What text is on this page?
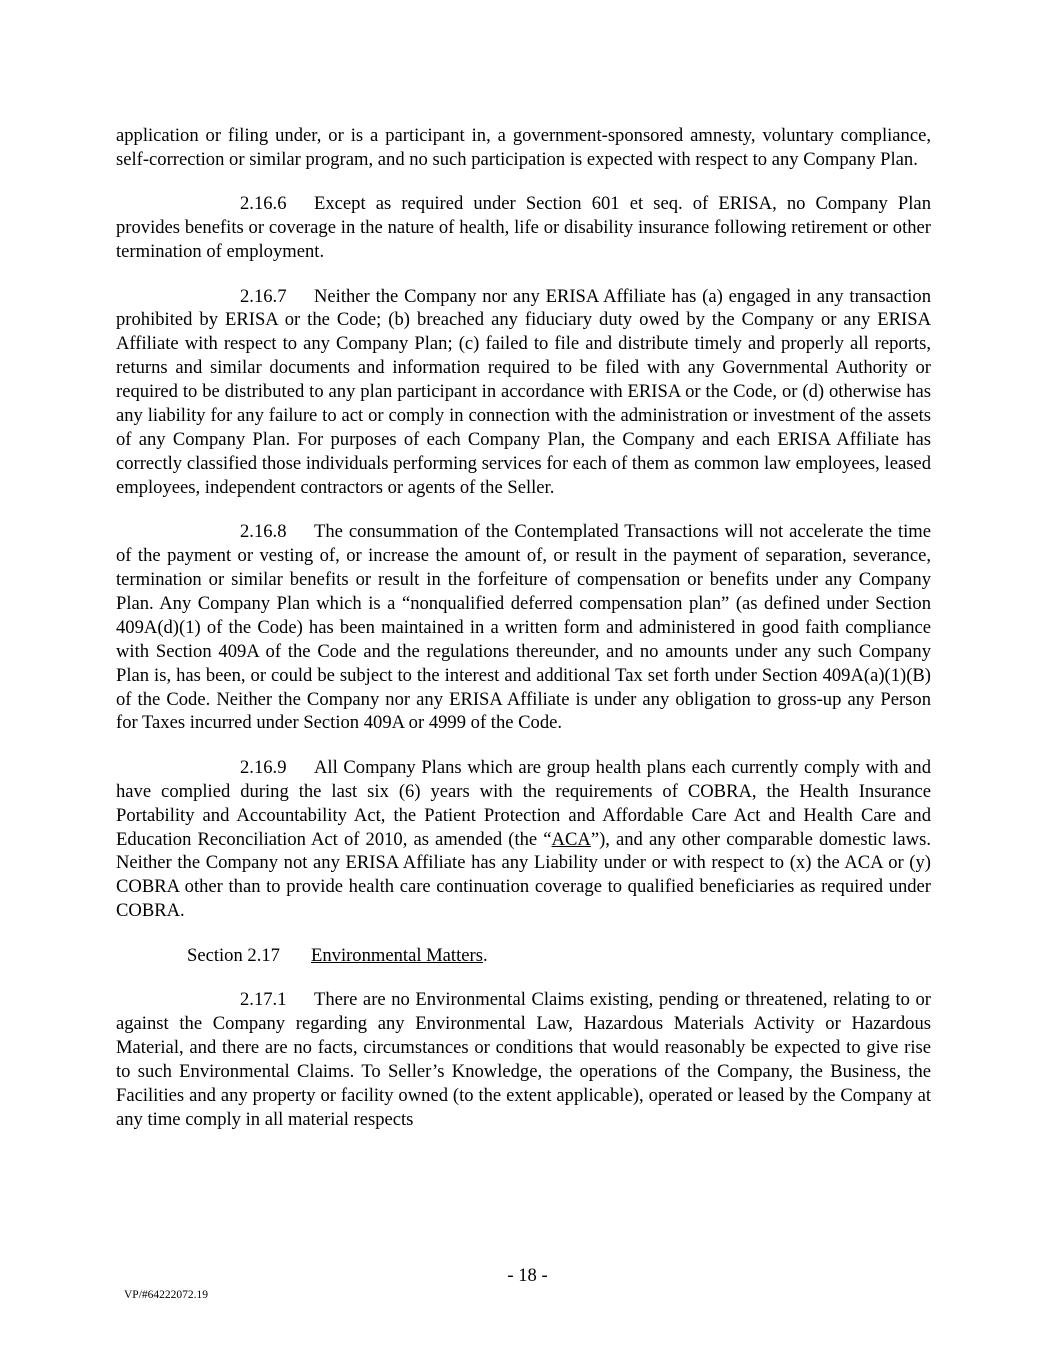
application or filing under, or is a participant in, a government-sponsored amnesty, voluntary compliance, self-correction or similar program, and no such participation is expected with respect to any Company Plan.

2.16.6 Except as required under Section 601 et seq. of ERISA, no Company Plan provides benefits or coverage in the nature of health, life or disability insurance following retirement or other termination of employment.

2.16.7 Neither the Company nor any ERISA Affiliate has (a) engaged in any transaction prohibited by ERISA or the Code; (b) breached any fiduciary duty owed by the Company or any ERISA Affiliate with respect to any Company Plan; (c) failed to file and distribute timely and properly all reports, returns and similar documents and information required to be filed with any Governmental Authority or required to be distributed to any plan participant in accordance with ERISA or the Code, or (d) otherwise has any liability for any failure to act or comply in connection with the administration or investment of the assets of any Company Plan. For purposes of each Company Plan, the Company and each ERISA Affiliate has correctly classified those individuals performing services for each of them as common law employees, leased employees, independent contractors or agents of the Seller.

2.16.8 The consummation of the Contemplated Transactions will not accelerate the time of the payment or vesting of, or increase the amount of, or result in the payment of separation, severance, termination or similar benefits or result in the forfeiture of compensation or benefits under any Company Plan. Any Company Plan which is a “nonqualified deferred compensation plan” (as defined under Section 409A(d)(1) of the Code) has been maintained in a written form and administered in good faith compliance with Section 409A of the Code and the regulations thereunder, and no amounts under any such Company Plan is, has been, or could be subject to the interest and additional Tax set forth under Section 409A(a)(1)(B) of the Code. Neither the Company nor any ERISA Affiliate is under any obligation to gross-up any Person for Taxes incurred under Section 409A or 4999 of the Code.

2.16.9 All Company Plans which are group health plans each currently comply with and have complied during the last six (6) years with the requirements of COBRA, the Health Insurance Portability and Accountability Act, the Patient Protection and Affordable Care Act and Health Care and Education Reconciliation Act of 2010, as amended (the “ACA”), and any other comparable domestic laws. Neither the Company not any ERISA Affiliate has any Liability under or with respect to (x) the ACA or (y) COBRA other than to provide health care continuation coverage to qualified beneficiaries as required under COBRA.

Section 2.17 Environmental Matters.

2.17.1 There are no Environmental Claims existing, pending or threatened, relating to or against the Company regarding any Environmental Law, Hazardous Materials Activity or Hazardous Material, and there are no facts, circumstances or conditions that would reasonably be expected to give rise to such Environmental Claims. To Seller’s Knowledge, the operations of the Company, the Business, the Facilities and any property or facility owned (to the extent applicable), operated or leased by the Company at any time comply in all material respects

- 18 -
VP/#64222072.19
